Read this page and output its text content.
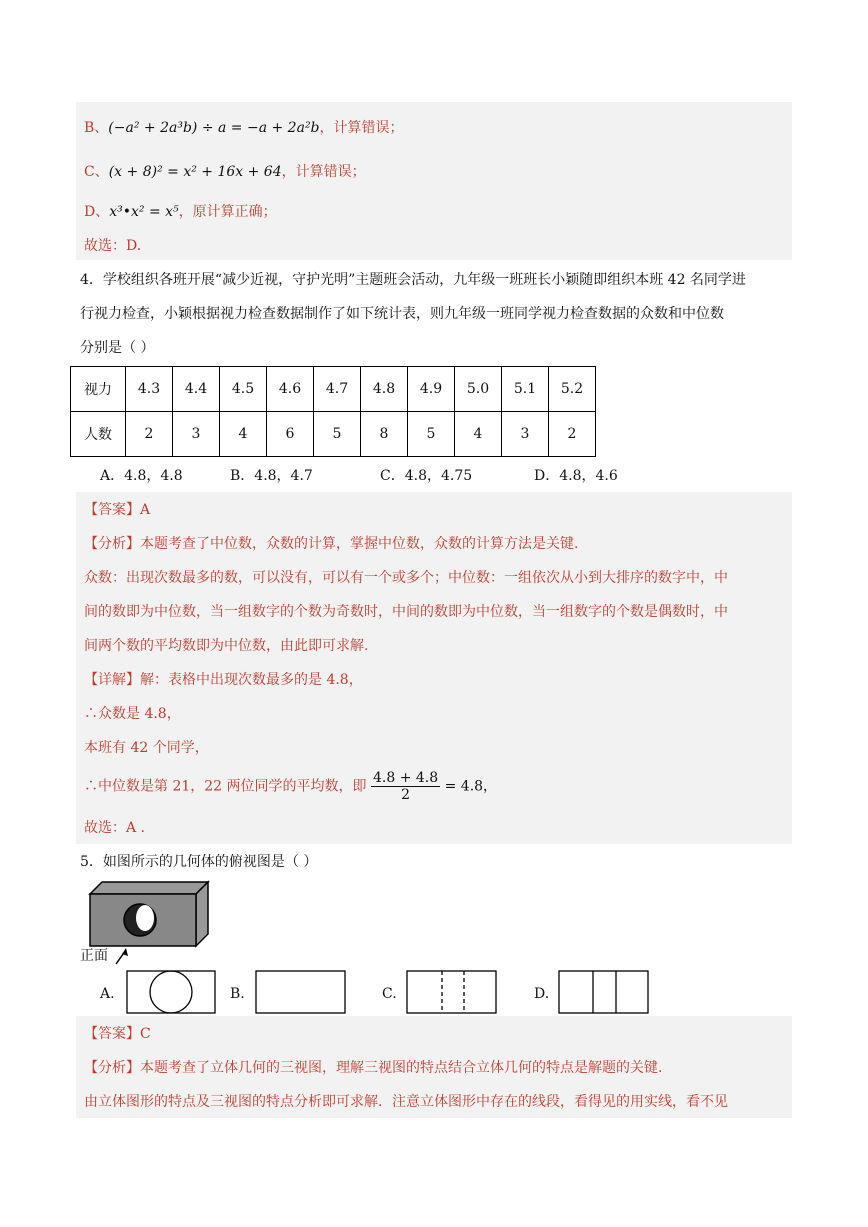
B、(−a² + 2a³b) ÷ a = −a + 2a²b，计算错误；
C、(x + 8)² = x² + 16x + 64，计算错误；
D、x³•x² = x⁵，原计算正确；
故选：D.
4．学校组织各班开展“减少近视，守护光明”主题班会活动，九年级一班班长小颖随即组织本班 42 名同学进
行视力检查，小颖根据视力检查数据制作了如下统计表，则九年级一班同学视力检查数据的众数和中位数
分别是（ ）
视力	4.3	4.4	4.5	4.6	4.7	4.8	4.9	5.0	5.1	5.2
人数	2	3	4	6	5	8	5	4	3	2
A．4.8，4.8	B．4.8，4.7	C．4.8，4.75	D．4.8，4.6
【答案】A
【分析】本题考查了中位数，众数的计算，掌握中位数，众数的计算方法是关键.
众数：出现次数最多的数，可以没有，可以有一个或多个；中位数：一组依次从小到大排序的数字中，中
间的数即为中位数，当一组数字的个数为奇数时，中间的数即为中位数，当一组数字的个数是偶数时，中
间两个数的平均数即为中位数，由此即可求解.
【详解】解：表格中出现次数最多的是 4.8，
∴众数是 4.8，
本班有 42 个同学，
∴中位数是第 21，22 两位同学的平均数，即 $\frac{4.8 + 4.8}{2} = 4.8$，
故选：A .
5．如图所示的几何体的俯视图是（ ）
正面
A.	B.	C.	D.
【答案】C
【分析】本题考查了立体几何的三视图，理解三视图的特点结合立体几何的特点是解题的关键.
由立体图形的特点及三视图的特点分析即可求解．注意立体图形中存在的线段，看得见的用实线，看不见
